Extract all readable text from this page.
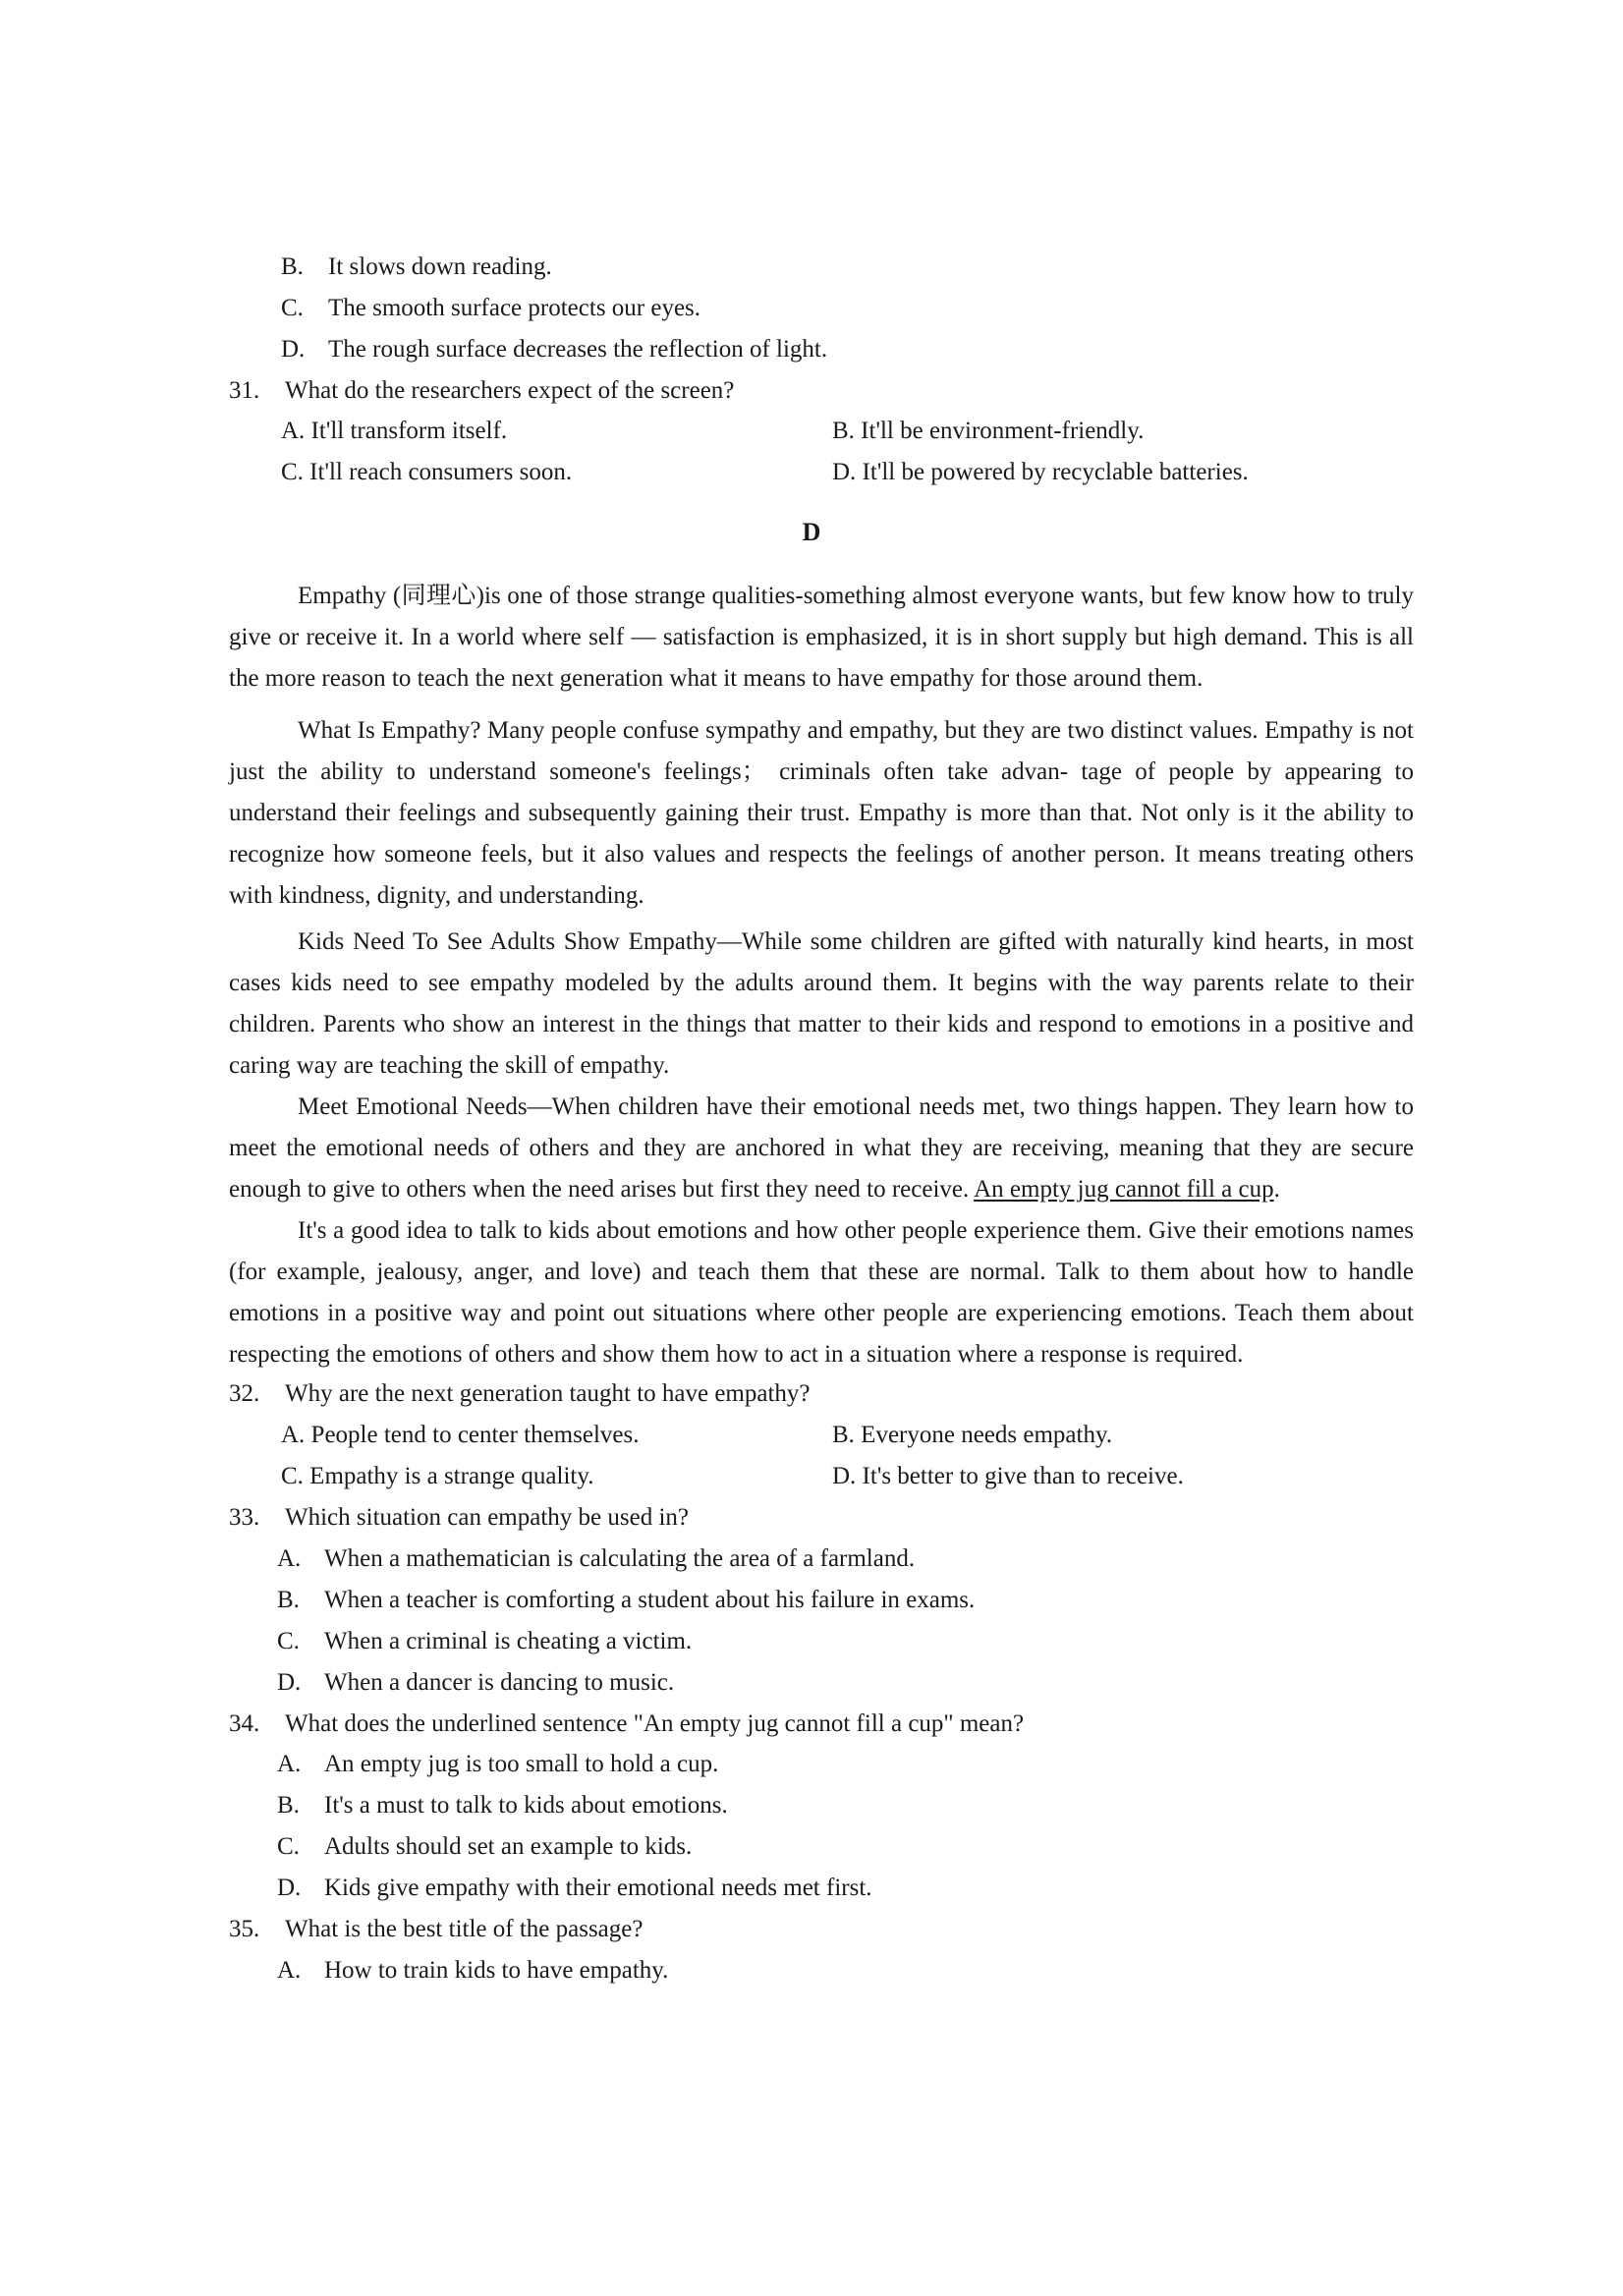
B. It slows down reading.
C. The smooth surface protects our eyes.
D. The rough surface decreases the reflection of light.
31. What do the researchers expect of the screen?
A. It'll transform itself.	B. It'll be environment-friendly.
C. It'll reach consumers soon.	D. It'll be powered by recyclable batteries.
D
Empathy (同理心)is one of those strange qualities-something almost everyone wants, but few know how to truly give or receive it. In a world where self — satisfaction is emphasized, it is in short supply but high demand. This is all the more reason to teach the next generation what it means to have empathy for those around them.
What Is Empathy? Many people confuse sympathy and empathy, but they are two distinct values. Empathy is not just the ability to understand someone's feelings； criminals often take advan- tage of people by appearing to understand their feelings and subsequently gaining their trust. Empathy is more than that. Not only is it the ability to recognize how someone feels, but it also values and respects the feelings of another person. It means treating others with kindness, dignity, and understanding.
Kids Need To See Adults Show Empathy—While some children are gifted with naturally kind hearts, in most cases kids need to see empathy modeled by the adults around them. It begins with the way parents relate to their children. Parents who show an interest in the things that matter to their kids and respond to emotions in a positive and caring way are teaching the skill of empathy.
Meet Emotional Needs—When children have their emotional needs met, two things happen. They learn how to meet the emotional needs of others and they are anchored in what they are receiving, meaning that they are secure enough to give to others when the need arises but first they need to receive. An empty jug cannot fill a cup.
It's a good idea to talk to kids about emotions and how other people experience them. Give their emotions names (for example, jealousy, anger, and love) and teach them that these are normal. Talk to them about how to handle emotions in a positive way and point out situations where other people are experiencing emotions. Teach them about respecting the emotions of others and show them how to act in a situation where a response is required.
32. Why are the next generation taught to have empathy?
A. People tend to center themselves.	B. Everyone needs empathy.
C. Empathy is a strange quality.	D. It's better to give than to receive.
33. Which situation can empathy be used in?
A. When a mathematician is calculating the area of a farmland.
B. When a teacher is comforting a student about his failure in exams.
C. When a criminal is cheating a victim.
D. When a dancer is dancing to music.
34. What does the underlined sentence "An empty jug cannot fill a cup" mean?
A. An empty jug is too small to hold a cup.
B. It's a must to talk to kids about emotions.
C. Adults should set an example to kids.
D. Kids give empathy with their emotional needs met first.
35. What is the best title of the passage?
A. How to train kids to have empathy.
